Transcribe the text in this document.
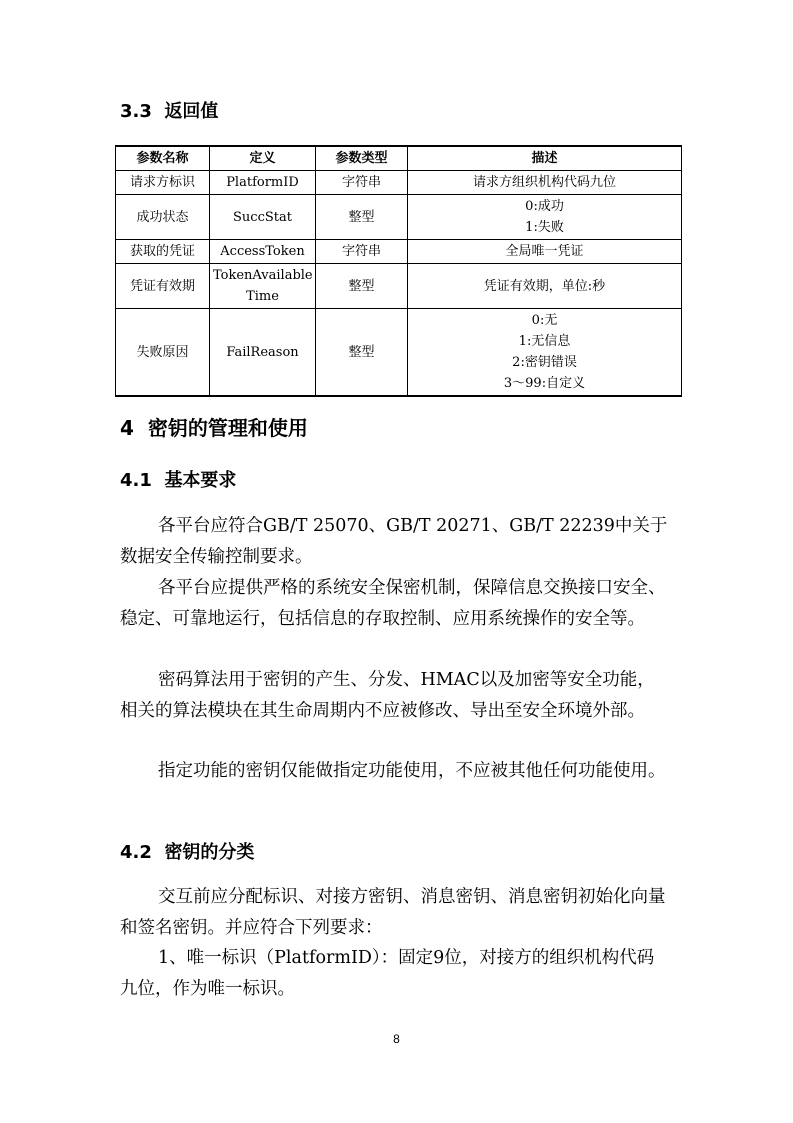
3.3 返回值
参数名称	定义	参数类型	描述
请求方标识	PlatformID	字符串	请求方组织机构代码九位
成功状态	SuccStat	整型	0:成功
1:失败

获取的凭证	AccessToken	字符串	全局唯一凭证
凭证有效期	TokenAvailable
Time	整型	凭证有效期，单位:秒
失败原因	FailReason	整型	0:无
1:无信息
2:密钥错误
3～99:自定义
4 密钥的管理和使用
4.1 基本要求

各平台应符合GB/T 25070、GB/T 20271、GB/T 22239中关于数据安全传输控制要求。

各平台应提供严格的系统安全保密机制，保障信息交换接口安全、稳定、可靠地运行，包括信息的存取控制、应用系统操作的安全等。

密码算法用于密钥的产生、分发、HMAC以及加密等安全功能，相关的算法模块在其生命周期内不应被修改、导出至安全环境外部。

指定功能的密钥仅能做指定功能使用，不应被其他任何功能使用。

4.2 密钥的分类

交互前应分配标识、对接方密钥、消息密钥、消息密钥初始化向量和签名密钥。并应符合下列要求：

1、唯一标识（PlatformID）：固定9位，对接方的组织机构代码九位，作为唯一标识。

8
